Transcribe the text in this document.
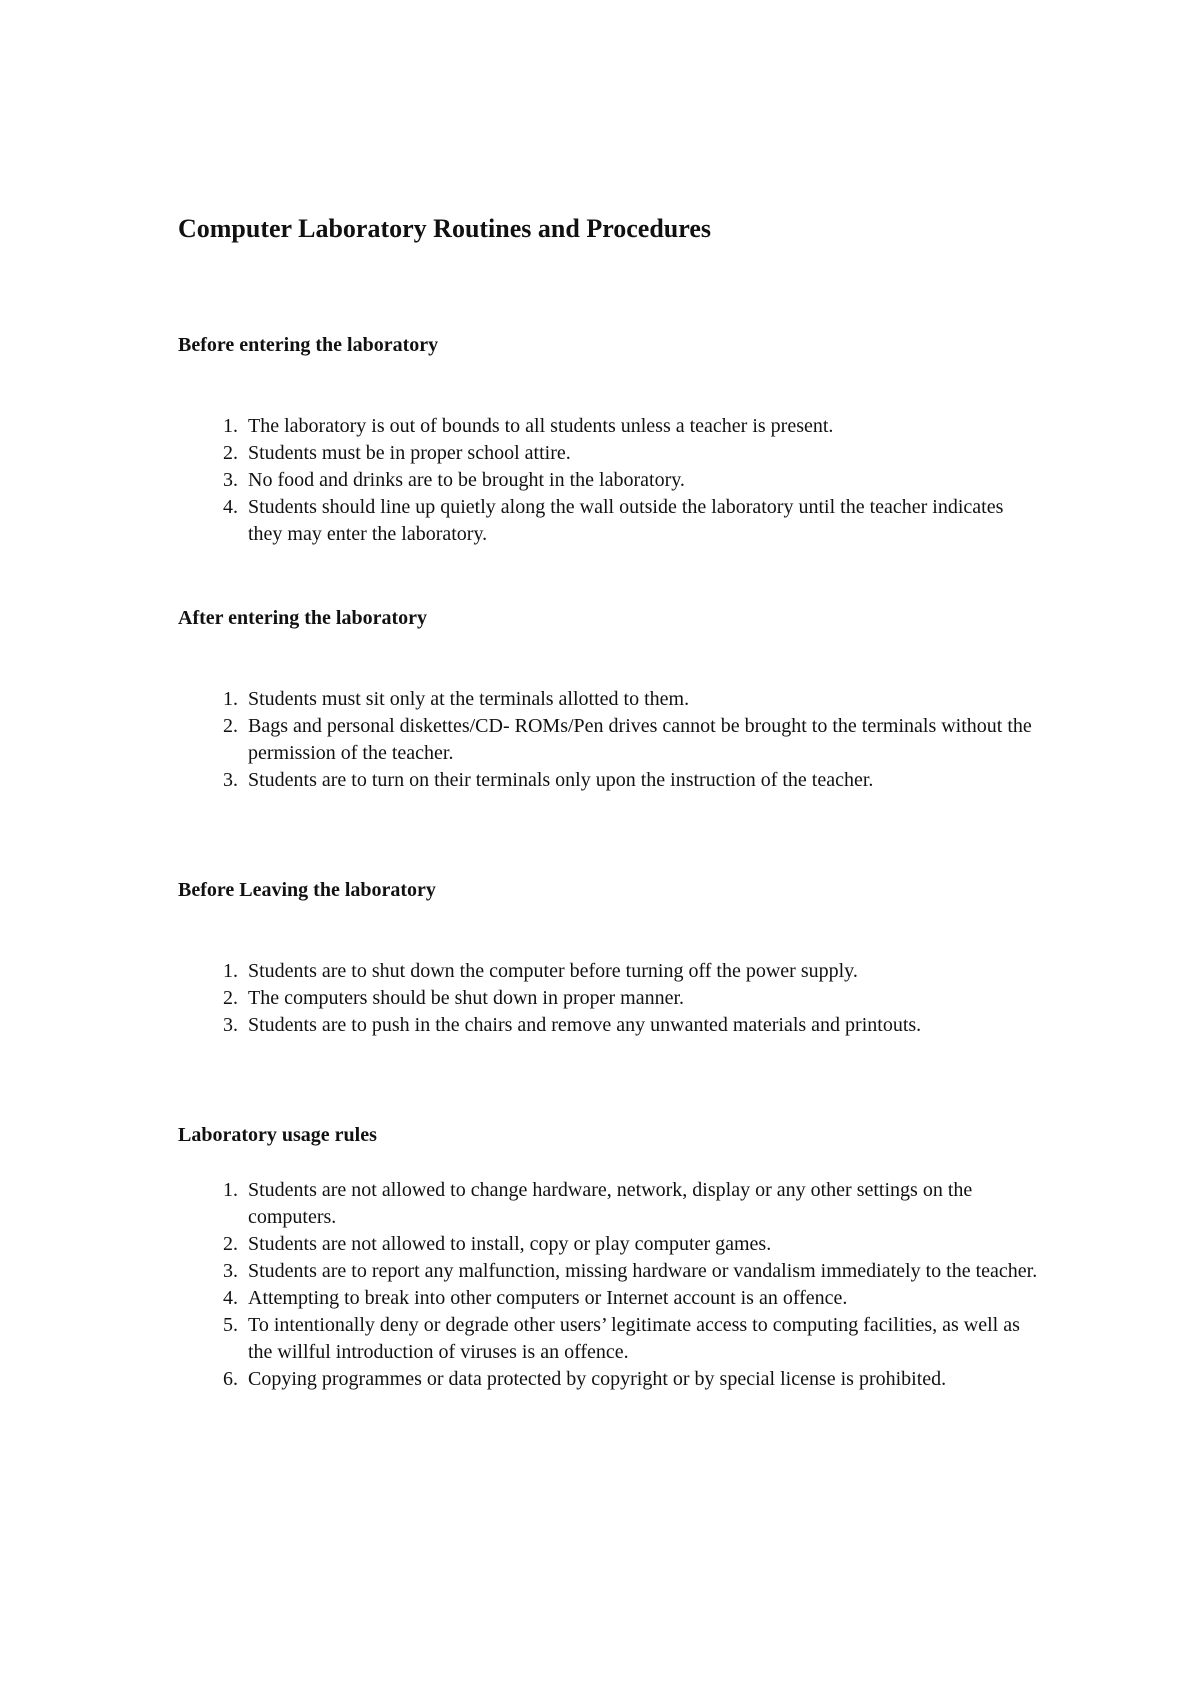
Computer Laboratory Routines and Procedures
Before entering the laboratory
1. The laboratory is out of bounds to all students unless a teacher is present.
2. Students must be in proper school attire.
3. No food and drinks are to be brought in the laboratory.
4. Students should line up quietly along the wall outside the laboratory until the teacher indicates they may enter the laboratory.
After entering the laboratory
1. Students must sit only at the terminals allotted to them.
2. Bags and personal diskettes/CD- ROMs/Pen drives cannot be brought to the terminals without the permission of the teacher.
3. Students are to turn on their terminals only upon the instruction of the teacher.
Before Leaving the laboratory
1. Students are to shut down the computer before turning off the power supply.
2. The computers should be shut down in proper manner.
3. Students are to push in the chairs and remove any unwanted materials and printouts.
Laboratory usage rules
1. Students are not allowed to change hardware, network, display or any other settings on the computers.
2. Students are not allowed to install, copy or play computer games.
3. Students are to report any malfunction, missing hardware or vandalism immediately to the teacher.
4. Attempting to break into other computers or Internet account is an offence.
5. To intentionally deny or degrade other users’ legitimate access to computing facilities, as well as the willful introduction of viruses is an offence.
6. Copying programmes or data protected by copyright or by special license is prohibited.
